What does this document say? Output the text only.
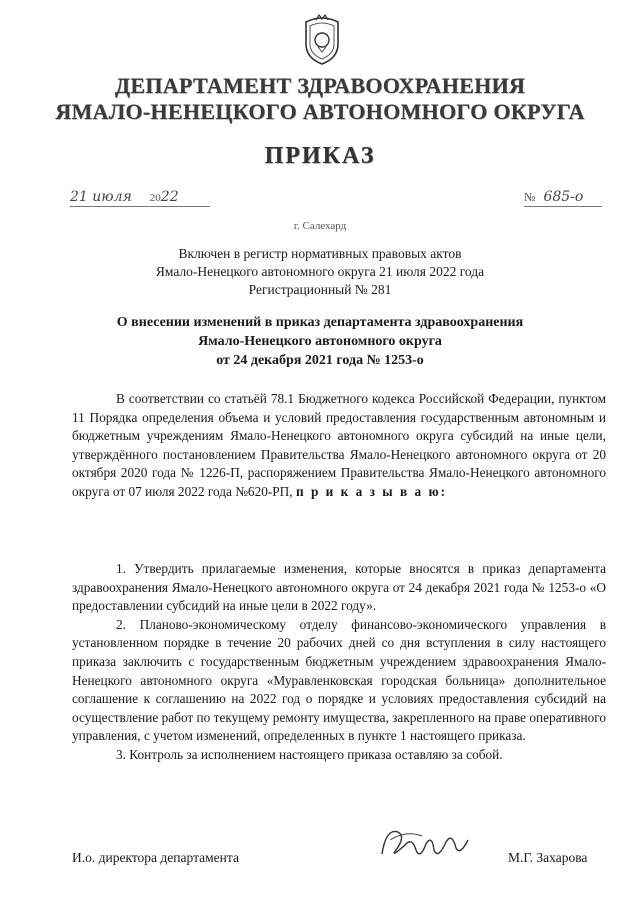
ДЕПАРТАМЕНТ ЗДРАВООХРАНЕНИЯ
ЯМАЛО-НЕНЕЦКОГО АВТОНОМНОГО ОКРУГА
ПРИКАЗ
21 июля 2022	№ 685-о
г. Салехард
Включен в регистр нормативных правовых актов
Ямало-Ненецкого автономного округа 21 июля 2022 года
Регистрационный № 281
О внесении изменений в приказ департамента здравоохранения
Ямало-Ненецкого автономного округа
от 24 декабря 2021 года № 1253-о

В соответствии со статьёй 78.1 Бюджетного кодекса Российской Федерации, пунктом 11 Порядка определения объема и условий предоставления государственным автономным и бюджетным учреждениям Ямало-Ненецкого автономного округа субсидий на иные цели, утверждённого постановлением Правительства Ямало-Ненецкого автономного округа от 20 октября 2020 года № 1226-П, распоряжением Правительства Ямало-Ненецкого автономного округа от 07 июля 2022 года №620-РП, п р и к а з ы в а ю:

1. Утвердить прилагаемые изменения, которые вносятся в приказ департамента здравоохранения Ямало-Ненецкого автономного округа от 24 декабря 2021 года № 1253-о «О предоставлении субсидий на иные цели в 2022 году».

2. Планово-экономическому отделу финансово-экономического управления в установленном порядке в течение 20 рабочих дней со дня вступления в силу настоящего приказа заключить с государственным бюджетным учреждением здравоохранения Ямало-Ненецкого автономного округа «Муравленковская городская больница» дополнительное соглашение к соглашению на 2022 год о порядке и условиях предоставления субсидий на осуществление работ по текущему ремонту имущества, закрепленного на праве оперативного управления, с учетом изменений, определенных в пункте 1 настоящего приказа.

3. Контроль за исполнением настоящего приказа оставляю за собой.

И.о. директора департамента	М.Г. Захарова
